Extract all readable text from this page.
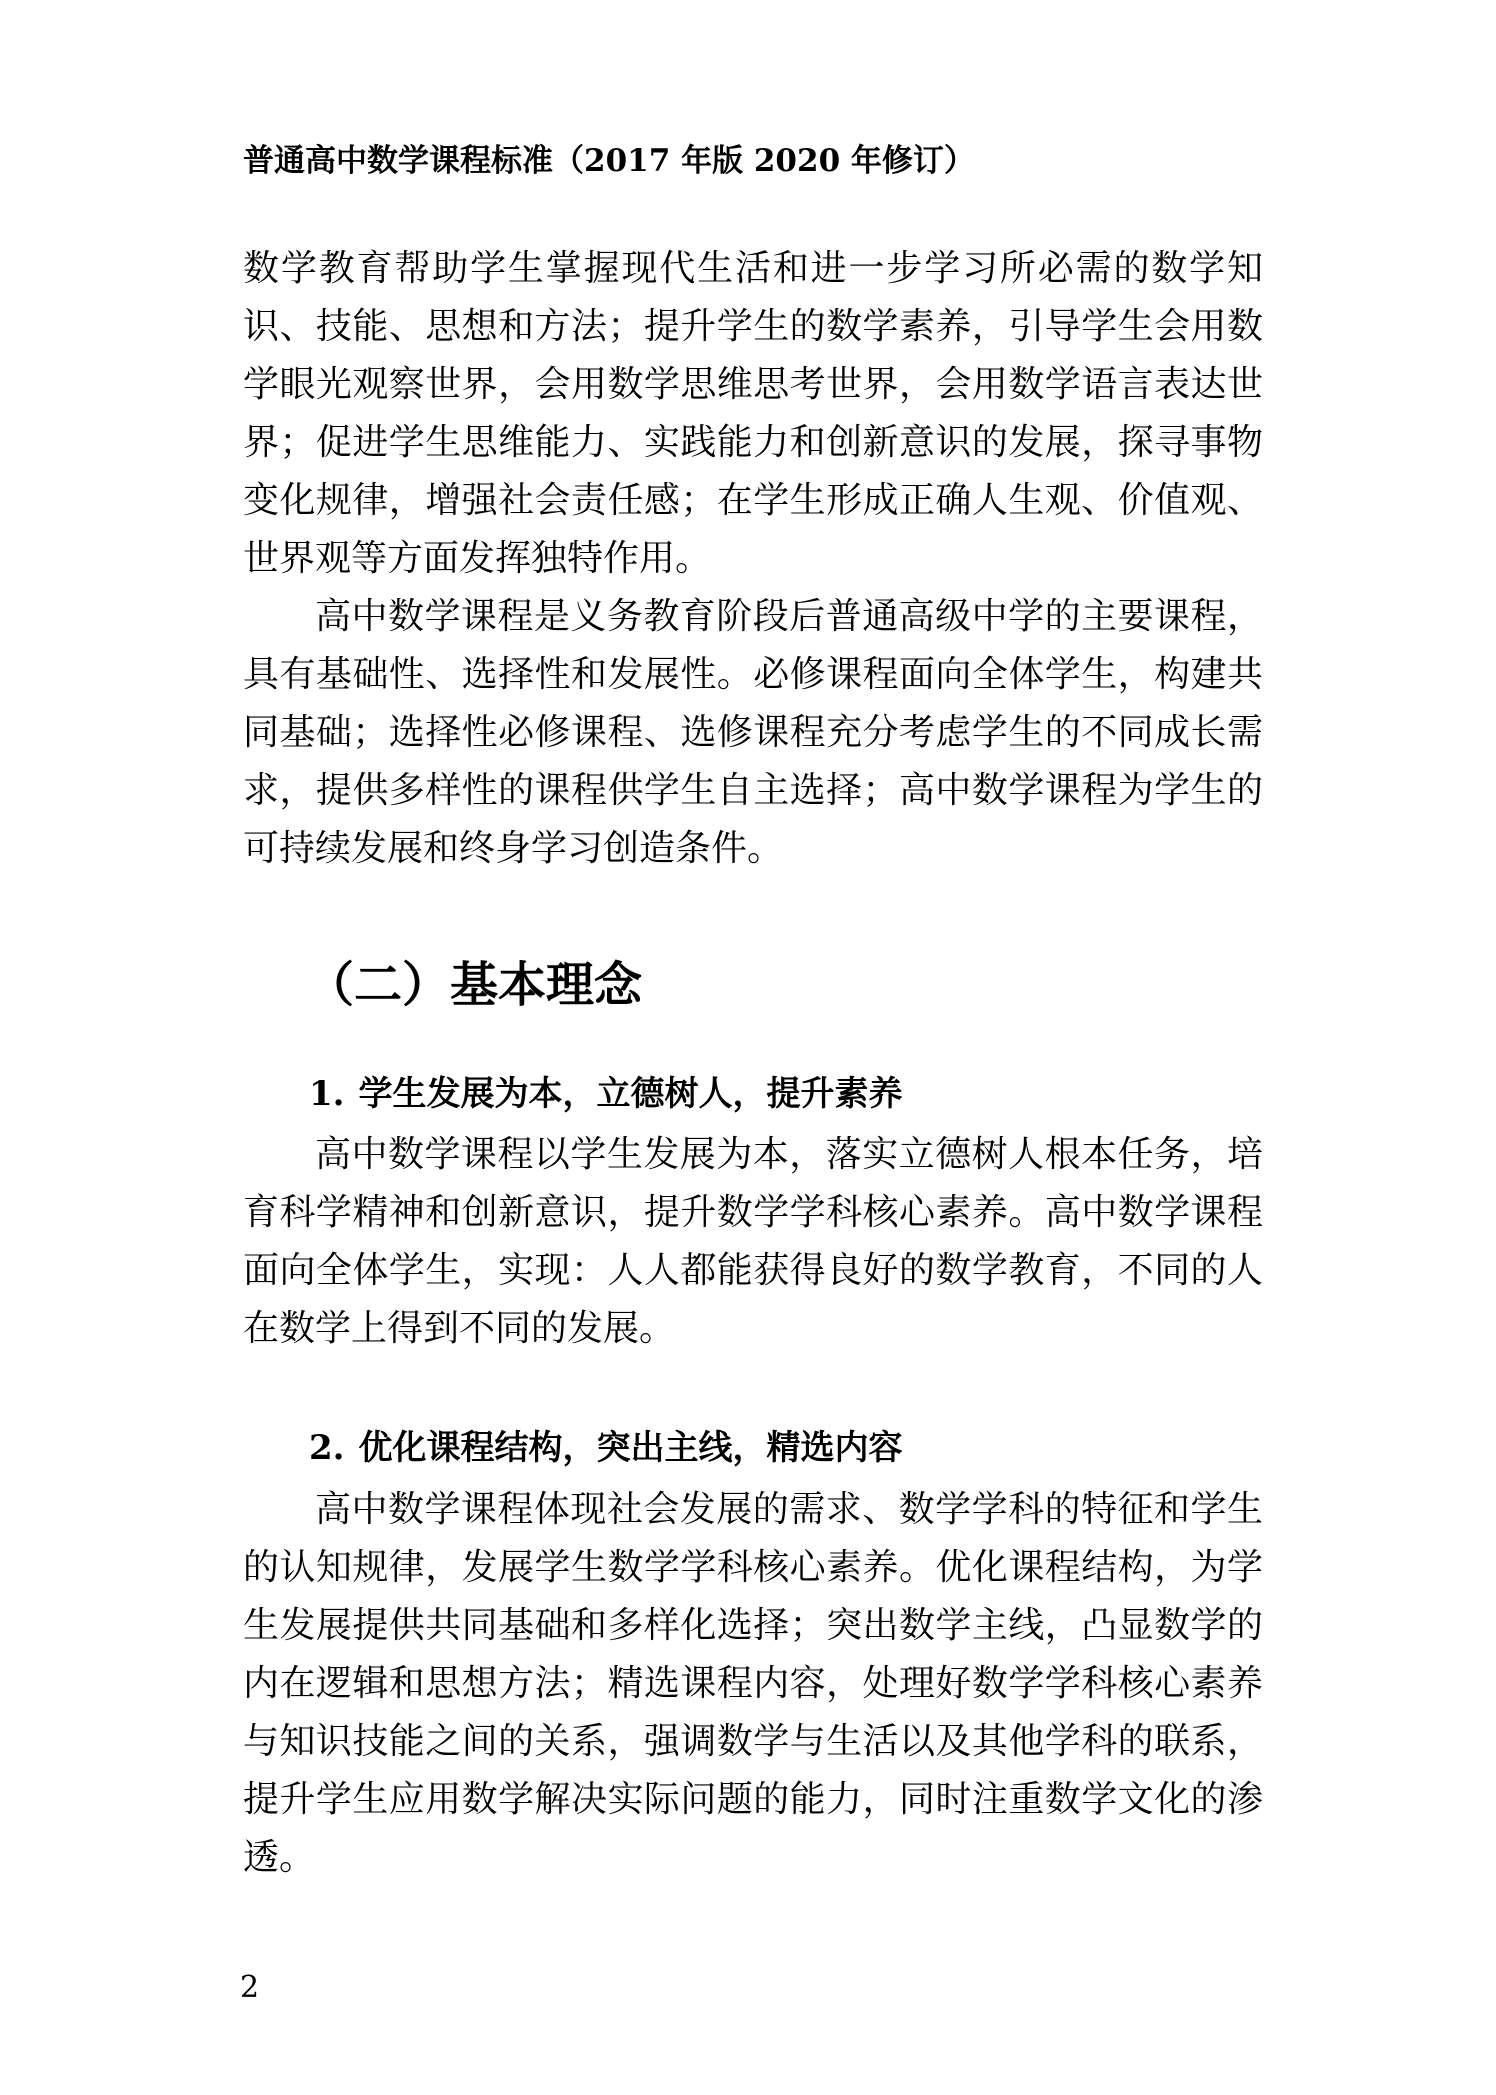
普通高中数学课程标准（2017 年版 2020 年修订）

数学教育帮助学生掌握现代生活和进一步学习所必需的数学知识、技能、思想和方法；提升学生的数学素养，引导学生会用数学眼光观察世界，会用数学思维思考世界，会用数学语言表达世界；促进学生思维能力、实践能力和创新意识的发展，探寻事物变化规律，增强社会责任感；在学生形成正确人生观、价值观、世界观等方面发挥独特作用。

高中数学课程是义务教育阶段后普通高级中学的主要课程，具有基础性、选择性和发展性。必修课程面向全体学生，构建共同基础；选择性必修课程、选修课程充分考虑学生的不同成长需求，提供多样性的课程供学生自主选择；高中数学课程为学生的可持续发展和终身学习创造条件。

（二）基本理念
1. 学生发展为本，立德树人，提升素养

高中数学课程以学生发展为本，落实立德树人根本任务，培育科学精神和创新意识，提升数学学科核心素养。高中数学课程面向全体学生，实现：人人都能获得良好的数学教育，不同的人在数学上得到不同的发展。

2. 优化课程结构，突出主线，精选内容

高中数学课程体现社会发展的需求、数学学科的特征和学生的认知规律，发展学生数学学科核心素养。优化课程结构，为学生发展提供共同基础和多样化选择；突出数学主线，凸显数学的内在逻辑和思想方法；精选课程内容，处理好数学学科核心素养与知识技能之间的关系，强调数学与生活以及其他学科的联系，提升学生应用数学解决实际问题的能力，同时注重数学文化的渗透。

2
